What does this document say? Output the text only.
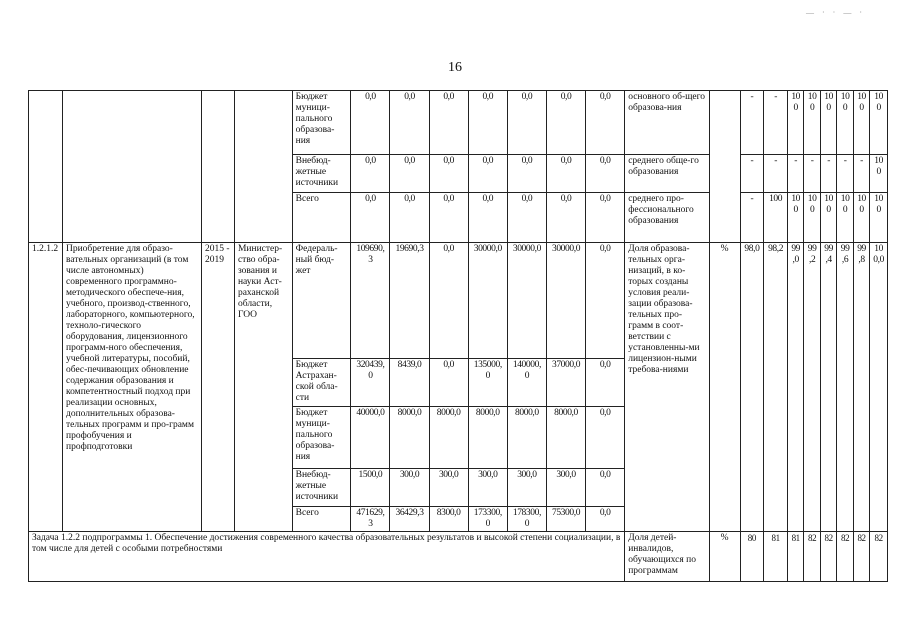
— · · — ·
16
				Бюджет муници-пального образова-ния	0,0	0,0	0,0	0,0	0,0	0,0	0,0	основного об-щего образова-ния		-	-	100	100	100	100	100	100
				Внебюд-жетные источники	0,0	0,0	0,0	0,0	0,0	0,0	0,0	среднего обще-го образования		-	-	-	-	-	-	-	100
				Всего	0,0	0,0	0,0	0,0	0,0	0,0	0,0	среднего про-фессионального образования		-	100	100	100	100	100	100	100
1.2.1.2	Приобретение для образо-вательных организаций (в том числе автономных) современного программно-методического обеспече-ния, учебного, производ-ственного, лабораторного, компьютерного, техноло-гического оборудования, лицензионного программ-ного обеспечения, учебной литературы, пособий, обес-печивающих обновление содержания образования и компетентностный подход при реализации основных, дополнительных образова-тельных программ и про-грамм профобучения и профподготовки	2015 - 2019	Министер-ство обра-зования и науки Аст-раханской области, ГОО	Федераль-ный бюд-жет	109690,3	19690,3	0,0	30000,0	30000,0	30000,0	0,0	Доля образова-тельных орга-низаций, в ко-торых созданы условия реали-зации образова-тельных про-грамм в соот-ветствии с установленны-ми лицензион-ными требова-ниями	%	98,0	98,2	99,0	99,2	99,4	99,6	99,8	100,0
				Бюджет Астрахан-ской обла-сти	320439,0	8439,0	0,0	135000,0	140000,0	37000,0	0,0										
				Бюджет муници-пального образова-ния	40000,0	8000,0	8000,0	8000,0	8000,0	8000,0	0,0										
				Внебюд-жетные источники	1500,0	300,0	300,0	300,0	300,0	300,0	0,0										
				Всего	471629,3	36429,3	8300,0	173300,0	178300,0	75300,0	0,0										
Задача 1.2.2 подпрограммы 1. Обеспечение достижения современного качества образовательных результатов и высокой степени социализации, в том числе для детей с особыми потребностями												Доля детей-инвалидов, обучающихся по программам	%	80	81	81	82	82	82	82	82
